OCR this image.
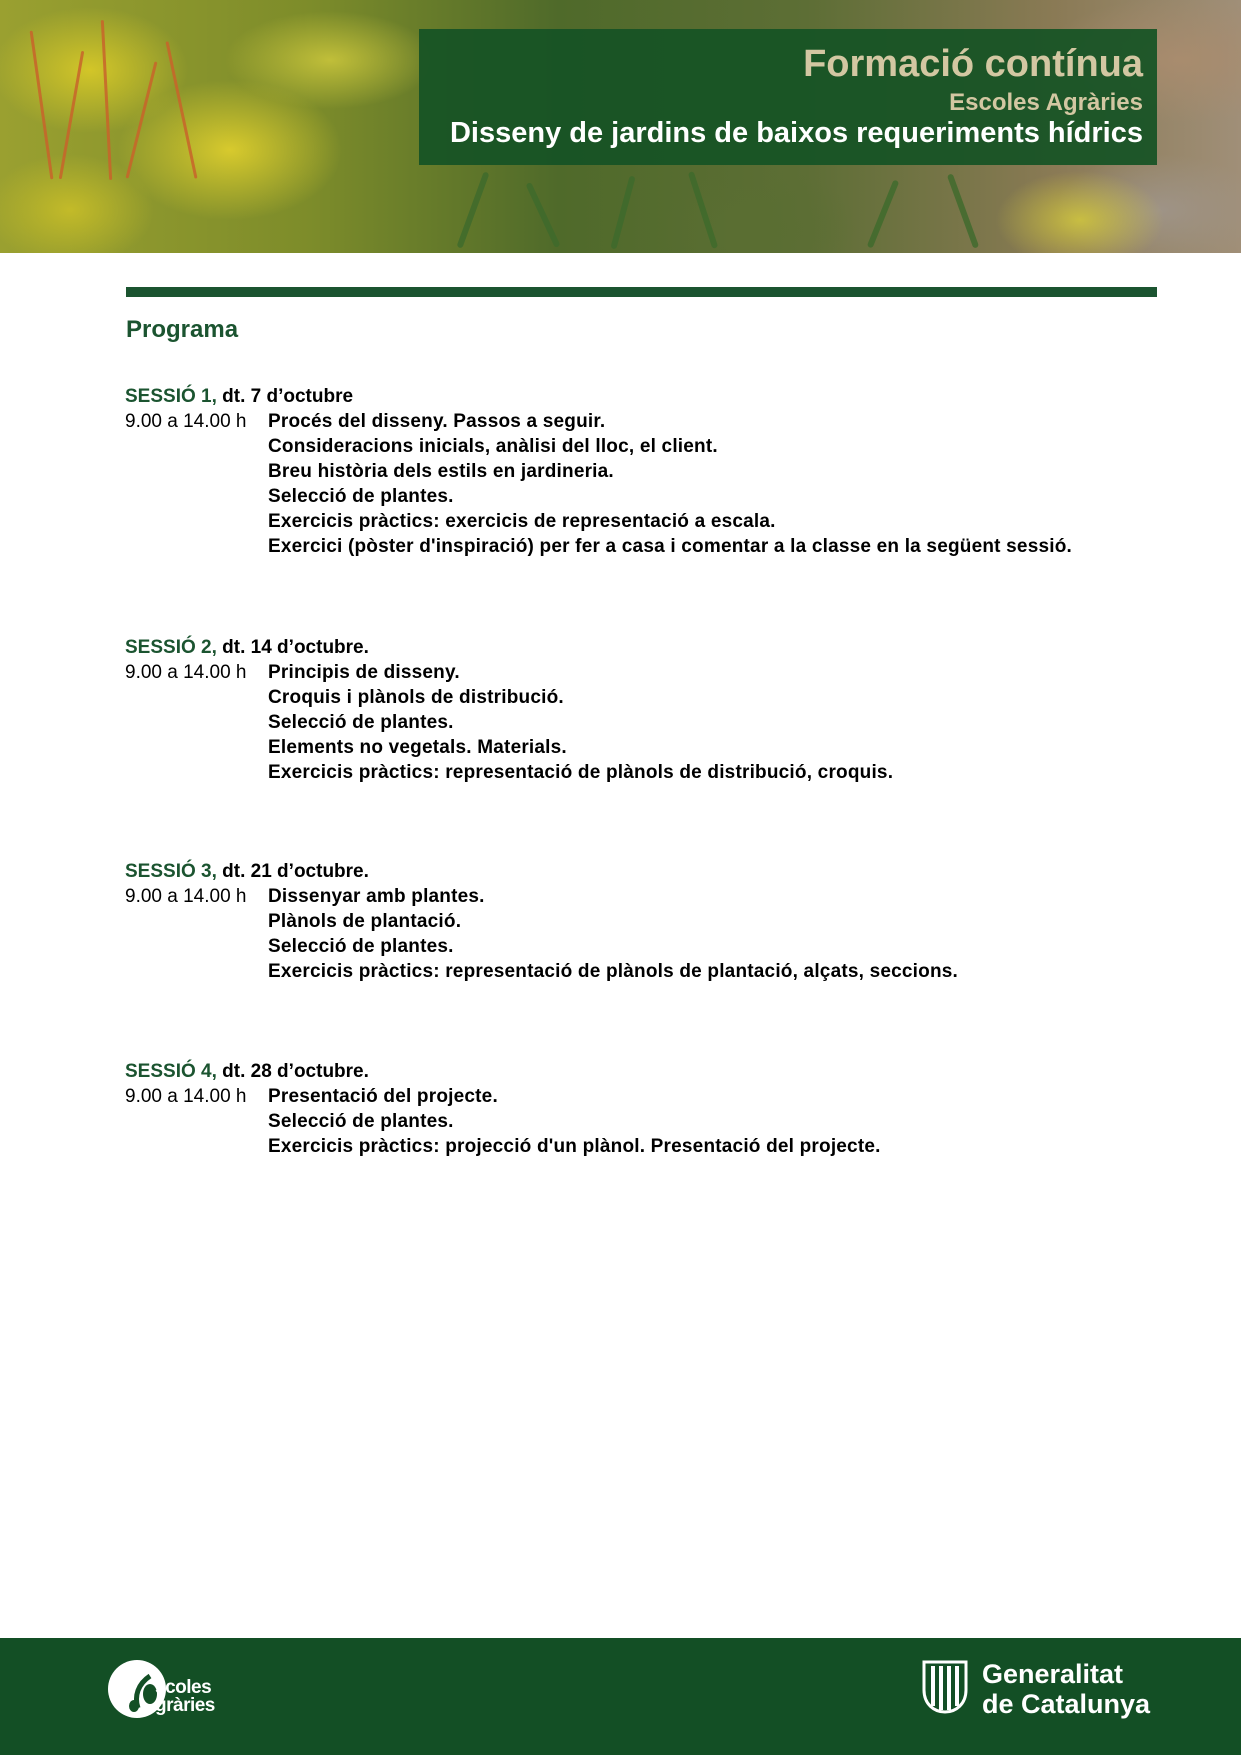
Formació contínua
Escoles Agràries
Disseny de jardins de baixos requeriments hídrics
Programa
SESSIÓ 1, dt. 7 d’octubre
9.00 a 14.00 h	Procés del disseny. Passos a seguir.
Consideracions inicials, anàlisi del lloc, el client.
Breu història dels estils en jardineria.
Selecció de plantes.
Exercicis pràctics: exercicis de representació a escala.
Exercici (pòster d'inspiració) per fer a casa i comentar a la classe en la següent sessió.
SESSIÓ 2, dt. 14 d’octubre.
9.00 a 14.00 h	Principis de disseny.
Croquis i plànols de distribució.
Selecció de plantes.
Elements no vegetals. Materials.
Exercicis pràctics: representació de plànols de distribució, croquis.
SESSIÓ 3, dt. 21 d’octubre.
9.00 a 14.00 h	Dissenyar amb plantes.
Plànols de plantació.
Selecció de plantes.
Exercicis pràctics: representació de plànols de plantació, alçats, seccions.
SESSIÓ 4, dt. 28 d’octubre.
9.00 a 14.00 h	Presentació del projecte.
Selecció de plantes.
Exercicis pràctics: projecció d'un plànol. Presentació del projecte.
scoles
gràries
Generalitat
de Catalunya
